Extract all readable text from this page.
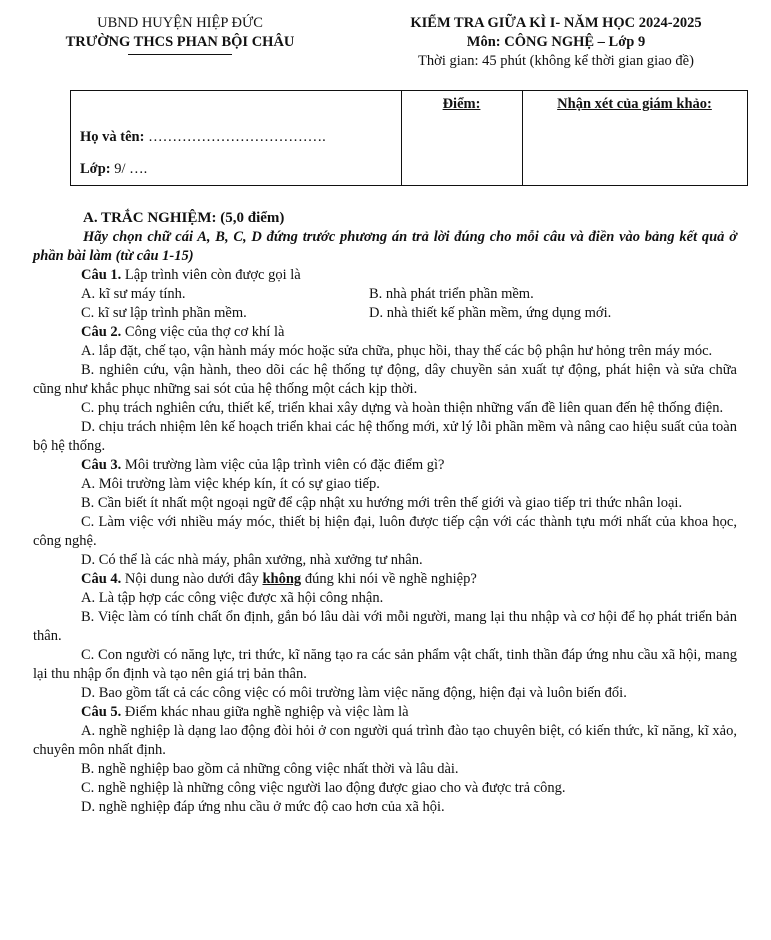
UBND HUYỆN HIỆP ĐỨC
TRƯỜNG THCS PHAN BỘI CHÂU
KIỂM TRA GIỮA KÌ I- NĂM HỌC 2024-2025
Môn: CÔNG NGHỆ – Lớp 9
Thời gian: 45 phút (không kể thời gian giao đề)
Họ và tên: ……………………………….
Lớp: 9/ ….
Điểm:	Nhận xét của giám khảo:

A. TRẮC NGHIỆM: (5,0 điểm)

Hãy chọn chữ cái A, B, C, D đứng trước phương án trả lời đúng cho mỗi câu và điền vào bảng kết quả ở phần bài làm (từ câu 1-15)

Câu 1. Lập trình viên còn được gọi là

A. kĩ sư máy tính.	B. nhà phát triển phần mềm.
C. kĩ sư lập trình phần mềm.	D. nhà thiết kế phần mềm, ứng dụng mới.

Câu 2. Công việc của thợ cơ khí là

A. lắp đặt, chế tạo, vận hành máy móc hoặc sửa chữa, phục hồi, thay thế các bộ phận hư hỏng trên máy móc.

B. nghiên cứu, vận hành, theo dõi các hệ thống tự động, dây chuyền sản xuất tự động, phát hiện và sửa chữa cũng như khắc phục những sai sót của hệ thống một cách kịp thời.

C. phụ trách nghiên cứu, thiết kế, triển khai xây dựng và hoàn thiện những vấn đề liên quan đến hệ thống điện.

D. chịu trách nhiệm lên kế hoạch triển khai các hệ thống mới, xử lý lỗi phần mềm và nâng cao hiệu suất của toàn bộ hệ thống.

Câu 3. Môi trường làm việc của lập trình viên có đặc điểm gì?

A. Môi trường làm việc khép kín, ít có sự giao tiếp.

B. Cần biết ít nhất một ngoại ngữ để cập nhật xu hướng mới trên thế giới và giao tiếp tri thức nhân loại.

C. Làm việc với nhiều máy móc, thiết bị hiện đại, luôn được tiếp cận với các thành tựu mới nhất của khoa học, công nghệ.

D. Có thể là các nhà máy, phân xưởng, nhà xưởng tư nhân.

Câu 4. Nội dung nào dưới đây không đúng khi nói về nghề nghiệp?

A. Là tập hợp các công việc được xã hội công nhận.

B. Việc làm có tính chất ổn định, gắn bó lâu dài với mỗi người, mang lại thu nhập và cơ hội để họ phát triển bản thân.

C. Con người có năng lực, tri thức, kĩ năng tạo ra các sản phẩm vật chất, tinh thần đáp ứng nhu cầu xã hội, mang lại thu nhập ổn định và tạo nên giá trị bản thân.

D. Bao gồm tất cả các công việc có môi trường làm việc năng động, hiện đại và luôn biến đổi.

Câu 5. Điểm khác nhau giữa nghề nghiệp và việc làm là

A. nghề nghiệp là dạng lao động đòi hỏi ở con người quá trình đào tạo chuyên biệt, có kiến thức, kĩ năng, kĩ xảo, chuyên môn nhất định.

B. nghề nghiệp bao gồm cả những công việc nhất thời và lâu dài.

C. nghề nghiệp là những công việc người lao động được giao cho và được trả công.

D. nghề nghiệp đáp ứng nhu cầu ở mức độ cao hơn của xã hội.
